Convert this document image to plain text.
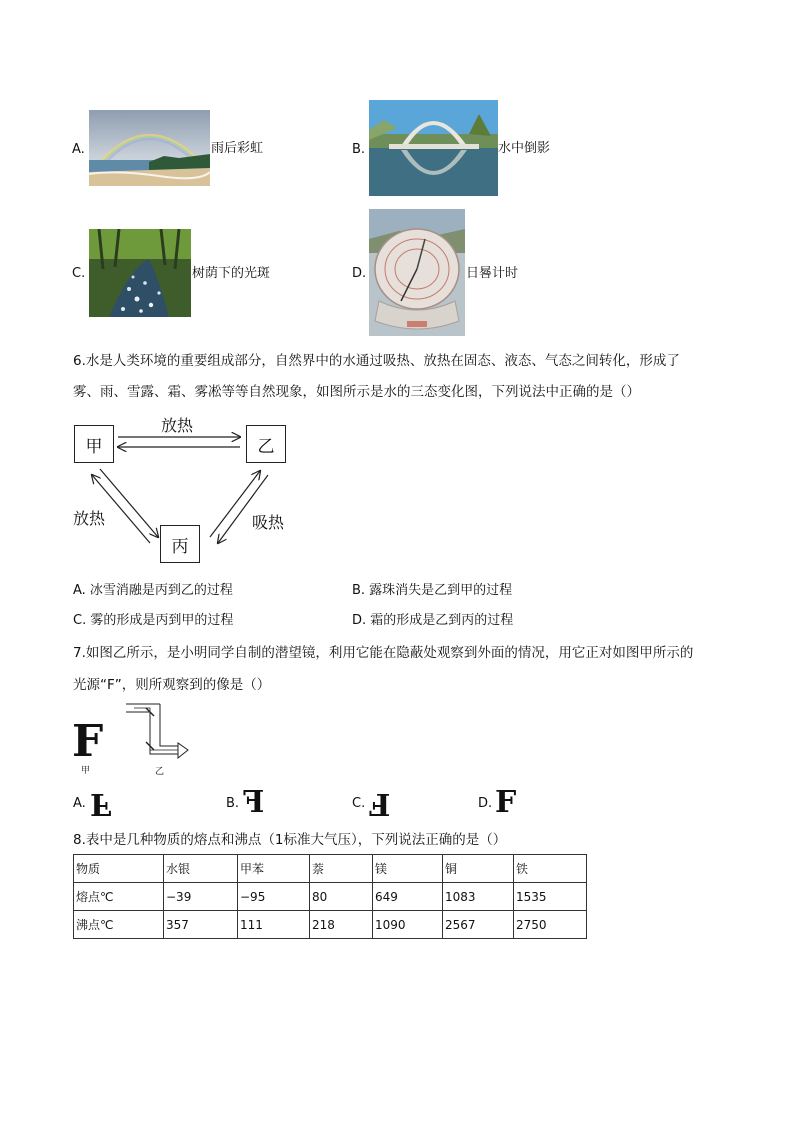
A.	雨后彩虹	B.	水中倒影
C.	树荫下的光斑	D.	日晷计时
6.水是人类环境的重要组成部分，自然界中的水通过吸热、放热在固态、液态、气态之间转化，形成了
雾、雨、雪露、霜、雾凇等等自然现象，如图所示是水的三态变化图，下列说法中正确的是（）
甲	乙
丙
放热
放热	吸热
A. 冰雪消融是丙到乙的过程	B. 露珠消失是乙到甲的过程
C. 雾的形成是丙到甲的过程	D. 霜的形成是乙到丙的过程
7.如图乙所示，是小明同学自制的潜望镜，利用它能在隐蔽处观察到外面的情况，用它正对如图甲所示的
光源“F”，则所观察到的像是（）
F
甲	乙
A. F	B. F	C. F	D. F
8.表中是几种物质的熔点和沸点（1标准大气压），下列说法正确的是（）
物质	水银	甲苯	萘	镁	铜	铁
熔点℃	−39	−95	80	649	1083	1535
沸点℃	357	111	218	1090	2567	2750
